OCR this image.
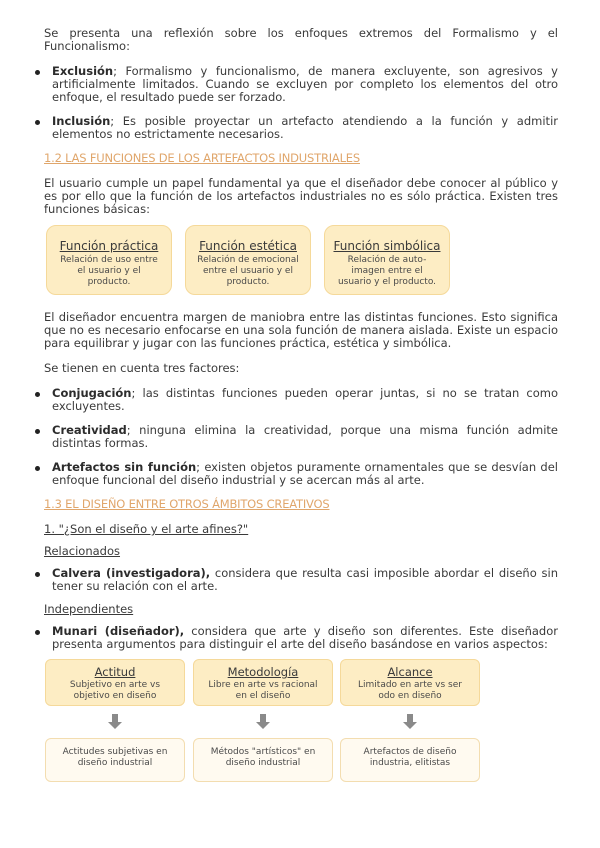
Se presenta una reflexión sobre los enfoques extremos del Formalismo y el Funcionalismo:

Exclusión; Formalismo y funcionalismo, de manera excluyente, son agresivos y artificialmente limitados. Cuando se excluyen por completo los elementos del otro enfoque, el resultado puede ser forzado.
Inclusión; Es posible proyectar un artefacto atendiendo a la función y admitir elementos no estrictamente necesarios.
1.2 LAS FUNCIONES DE LOS ARTEFACTOS INDUSTRIALES

El usuario cumple un papel fundamental ya que el diseñador debe conocer al público y es por ello que la función de los artefactos industriales no es sólo práctica. Existen tres funciones básicas:

Función práctica
Relación de uso entre el usuario y el producto.
Función estética
Relación de emocional entre el usuario y el producto.
Función simbólica
Relación de auto-imagen entre el usuario y el producto.

El diseñador encuentra margen de maniobra entre las distintas funciones. Esto significa que no es necesario enfocarse en una sola función de manera aislada. Existe un espacio para equilibrar y jugar con las funciones práctica, estética y simbólica.

Se tienen en cuenta tres factores:

Conjugación; las distintas funciones pueden operar juntas, si no se tratan como excluyentes.
Creatividad; ninguna elimina la creatividad, porque una misma función admite distintas formas.
Artefactos sin función; existen objetos puramente ornamentales que se desvían del enfoque funcional del diseño industrial y se acercan más al arte.
1.3 EL DISEÑO ENTRE OTROS ÁMBITOS CREATIVOS
1. "¿Son el diseño y el arte afines?"
Relacionados
Calvera (investigadora), considera que resulta casi imposible abordar el diseño sin tener su relación con el arte.
Independientes
Munari (diseñador), considera que arte y diseño son diferentes. Este diseñador presenta argumentos para distinguir el arte del diseño basándose en varios aspectos:
Actitud
Subjetivo en arte vs objetivo en diseño
Metodología
Libre en arte vs racional en el diseño
Alcance
Limitado en arte vs ser odo en diseño
Actitudes subjetivas en diseño industrial
Métodos "artísticos" en diseño industrial
Artefactos de diseño industria, elitistas
